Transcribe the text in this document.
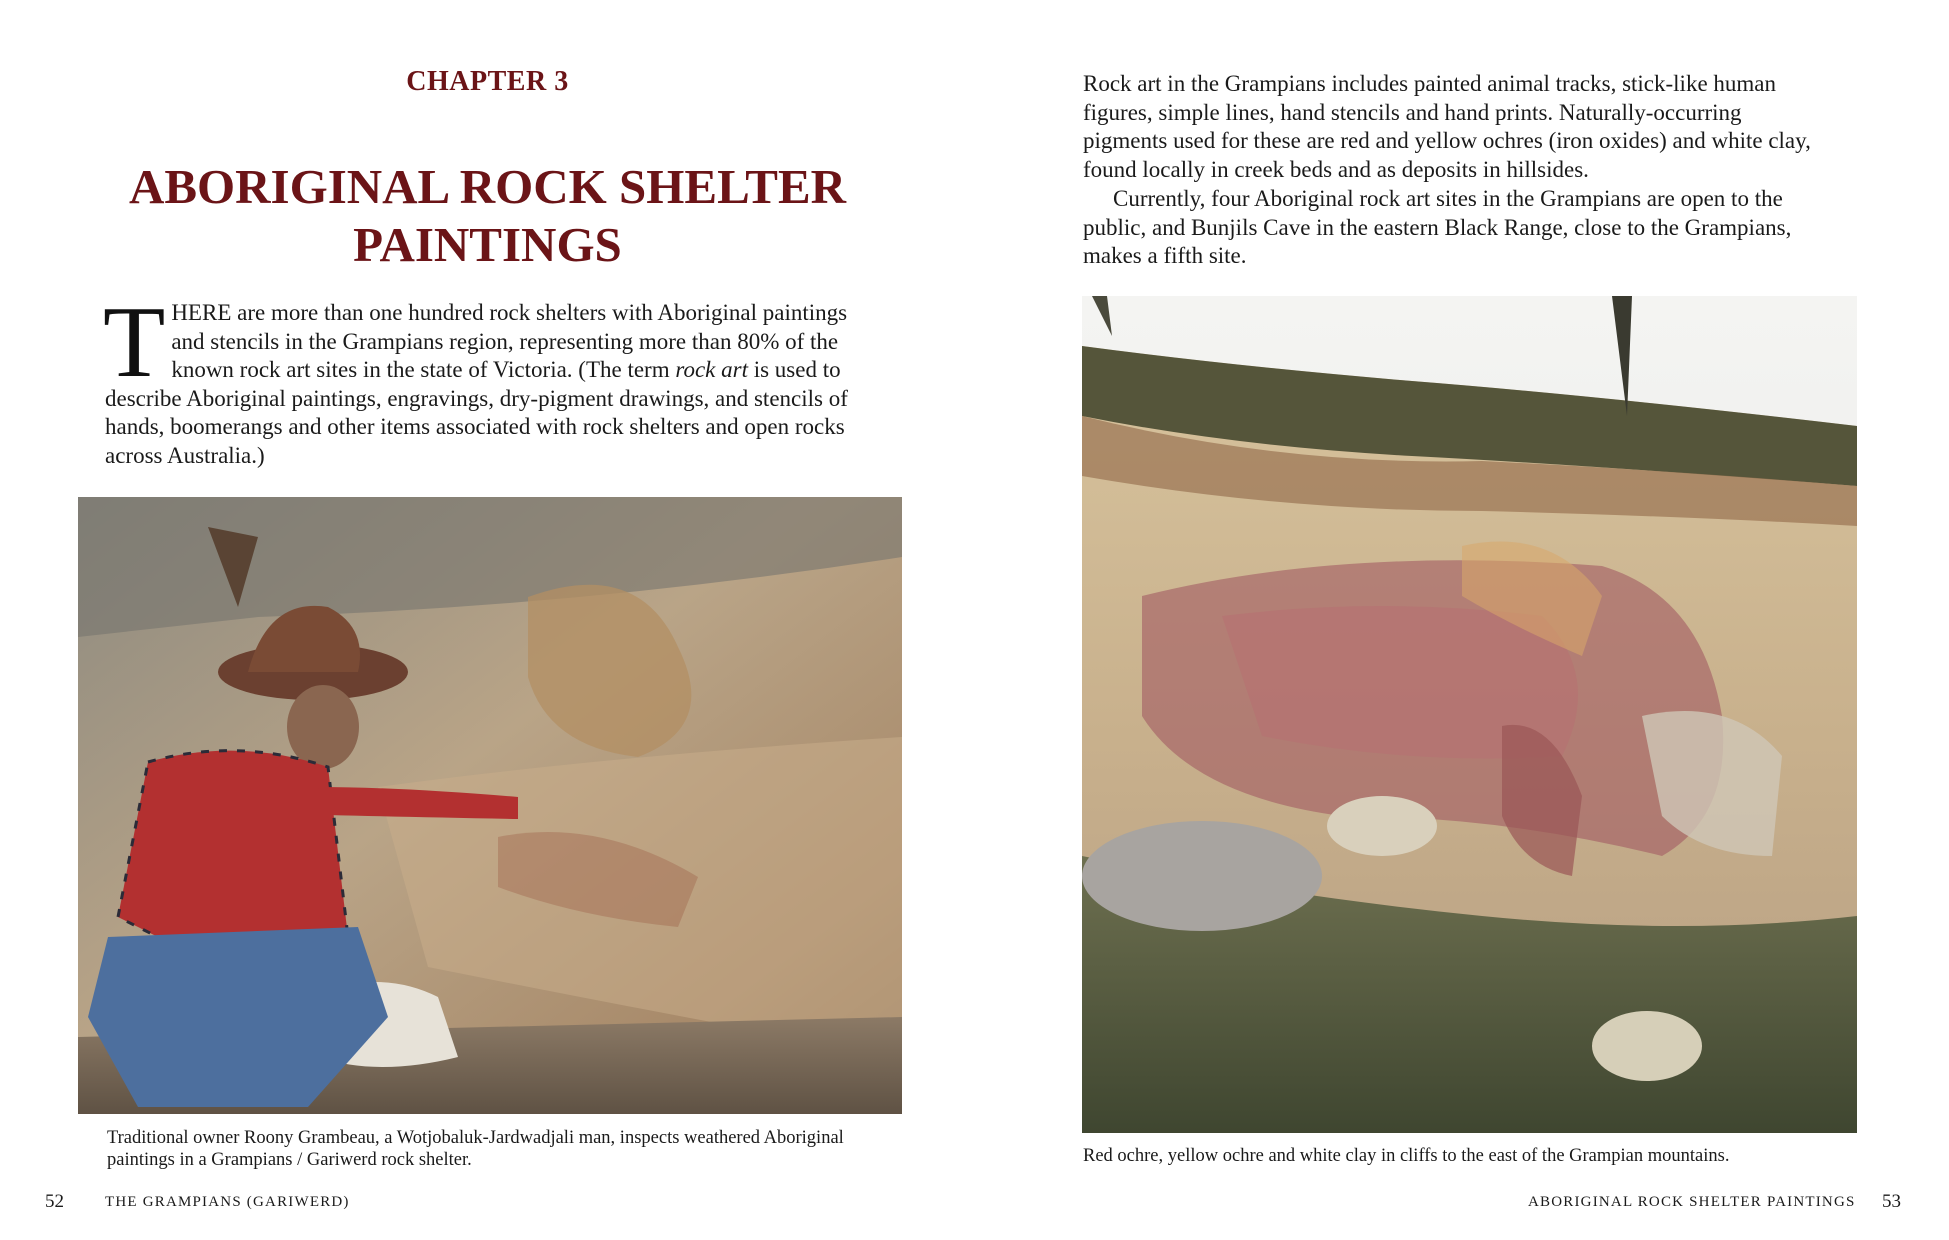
CHAPTER 3
ABORIGINAL ROCK SHELTER PAINTINGS

THERE are more than one hundred rock shelters with Aboriginal paintings and stencils in the Grampians region, representing more than 80% of the known rock art sites in the state of Victoria. (The term rock art is used to describe Aboriginal paintings, engravings, dry-pigment drawings, and stencils of hands, boomerangs and other items associated with rock shelters and open rocks across Australia.)

Traditional owner Roony Grambeau, a Wotjobaluk-Jardwadjali man, inspects weathered Aboriginal paintings in a Grampians / Gariwerd rock shelter.

52	THE GRAMPIANS (GARIWERD)

Rock art in the Grampians includes painted animal tracks, stick-like human figures, simple lines, hand stencils and hand prints. Naturally-occurring pigments used for these are red and yellow ochres (iron oxides) and white clay, found locally in creek beds and as deposits in hillsides.

Currently, four Aboriginal rock art sites in the Grampians are open to the public, and Bunjils Cave in the eastern Black Range, close to the Grampians, makes a fifth site.

Red ochre, yellow ochre and white clay in cliffs to the east of the Grampian mountains.

ABORIGINAL ROCK SHELTER PAINTINGS 53
